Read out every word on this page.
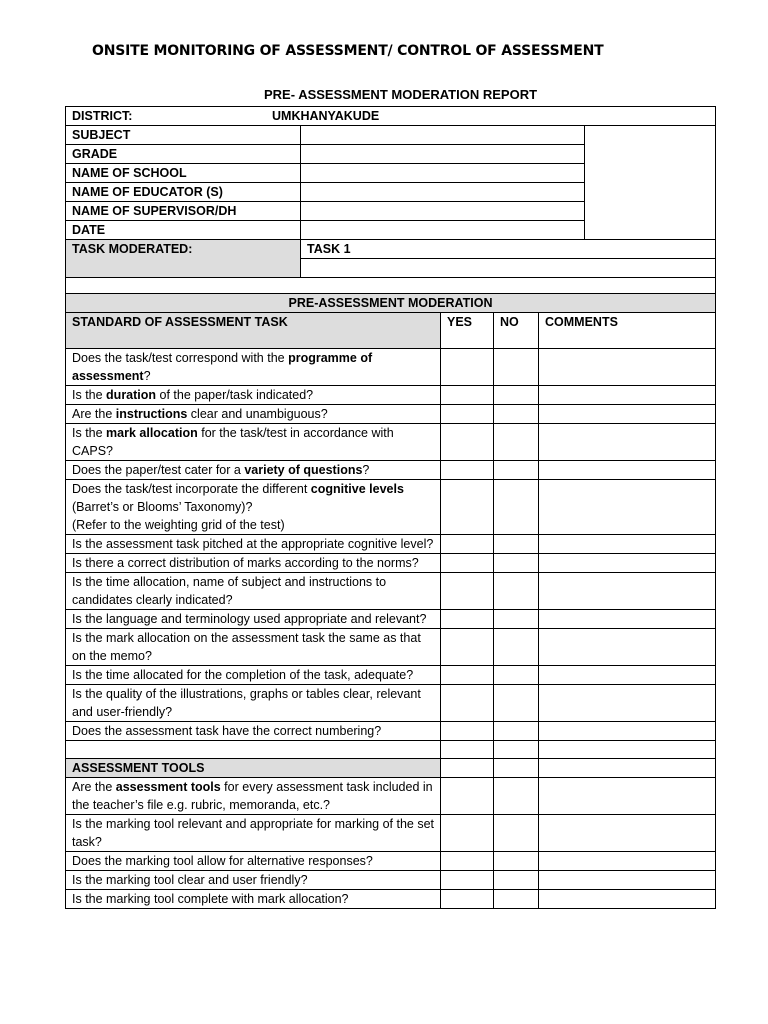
ONSITE MONITORING OF ASSESSMENT/ CONTROL OF ASSESSMENT
PRE- ASSESSMENT MODERATION REPORT
DISTRICT: UMKHANYAKUDE		
SUBJECT		
GRADE		
NAME OF SCHOOL		
NAME OF EDUCATOR (S)		
NAME OF SUPERVISOR/DH		
DATE		
TASK MODERATED:	TASK 1	

PRE-ASSESSMENT MODERATION			
STANDARD OF ASSESSMENT TASK	YES	NO	COMMENTS
Does the task/test correspond with the programme of assessment?			
Is the duration of the paper/task indicated?			
Are the instructions clear and unambiguous?			
Is the mark allocation for the task/test in accordance with CAPS?			
Does the paper/test cater for a variety of questions?			
Does the task/test incorporate the different cognitive levels
(Barret’s or Blooms’ Taxonomy)?
(Refer to the weighting grid of the test)			
Is the assessment task pitched at the appropriate cognitive level?			
Is there a correct distribution of marks according to the norms?			
Is the time allocation, name of subject and instructions to candidates clearly indicated?			
Is the language and terminology used appropriate and relevant?			
Is the mark allocation on the assessment task the same as that on the memo?			
Is the time allocated for the completion of the task, adequate?			
Is the quality of the illustrations, graphs or tables clear, relevant and user-friendly?			
Does the assessment task have the correct numbering?			

ASSESSMENT TOOLS			
Are the assessment tools for every assessment task included in the teacher’s file e.g. rubric, memoranda, etc.?			
Is the marking tool relevant and appropriate for marking of the set task?			
Does the marking tool allow for alternative responses?			
Is the marking tool clear and user friendly?			
Is the marking tool complete with mark allocation?			
